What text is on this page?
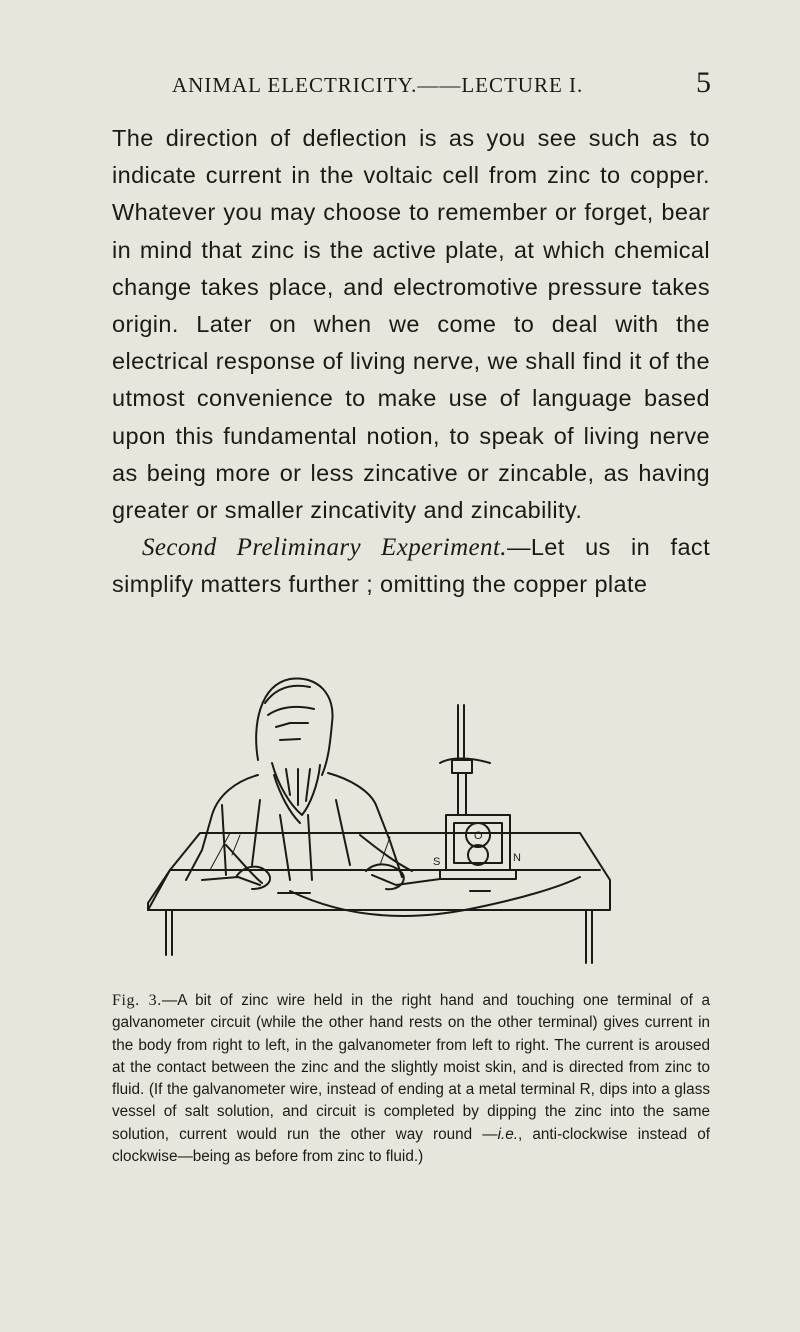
ANIMAL ELECTRICITY.——LECTURE I.	5

The direction of deflection is as you see such as to indicate current in the voltaic cell from zinc to copper. Whatever you may choose to remember or forget, bear in mind that zinc is the active plate, at which chemical change takes place, and electromotive pressure takes origin. Later on when we come to deal with the electrical response of living nerve, we shall find it of the utmost convenience to make use of language based upon this fundamental notion, to speak of living nerve as being more or less zincative or zincable, as having greater or smaller zincativity and zincability.

Second Preliminary Experiment.—Let us in fact simplify matters further ; omitting the copper plate

S	N
O
Fig. 3.—A bit of zinc wire held in the right hand and touching one terminal of a galvanometer circuit (while the other hand rests on the other terminal) gives current in the body from right to left, in the galvanometer from left to right. The current is aroused at the contact between the zinc and the slightly moist skin, and is directed from zinc to fluid. (If the galvanometer wire, instead of ending at a metal terminal R, dips into a glass vessel of salt solution, and circuit is completed by dipping the zinc into the same solution, current would run the other way round —i.e., anti-clockwise instead of clockwise—being as before from zinc to fluid.)
